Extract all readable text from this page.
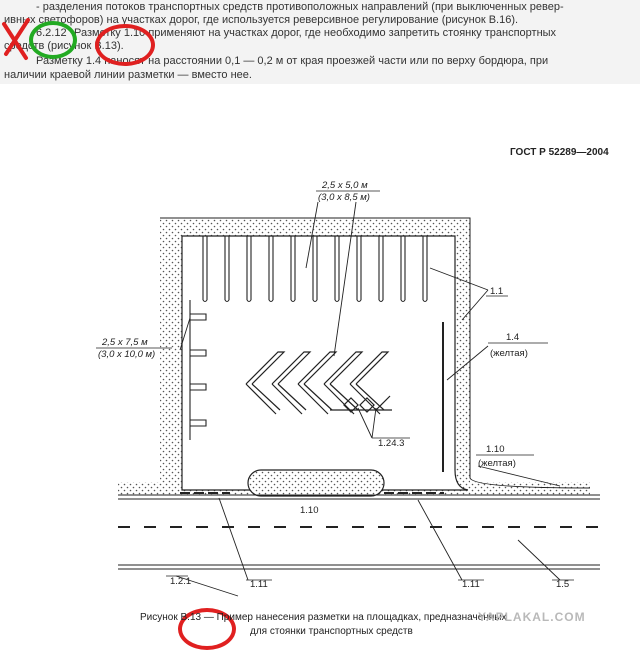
- разделения потоков транспортных средств противоположных направлений (при выключенных ревер-
ивных светофоров) на участках дорог, где используется реверсивное регулирование (рисунок В.16).
6.2.12 Разметку 1.10 применяют на участках дорог, где необходимо запретить стоянку транспортных
средств (рисунок В.13).
Разметку 1.4 наносят на расстоянии 0,1 — 0,2 м от края проезжей части или по верху бордюра, при
наличии краевой линии разметки — вместо нее.
ГОСТ Р 52289—2004
2,5 x 5,0 м
(3,0 x 8,5 м)
2,5 x 7,5 м
(3,0 x 10,0 м)
1.1
1.4
(желтая)
1.24.3
1.10
(желтая)
1.10
1.2.1	1.11	1.11	1.5
Рисунок В.13 — Пример нанесения разметки на площадках, предназначенных
для стоянки транспортных средств
YAPLAKAL.COM
